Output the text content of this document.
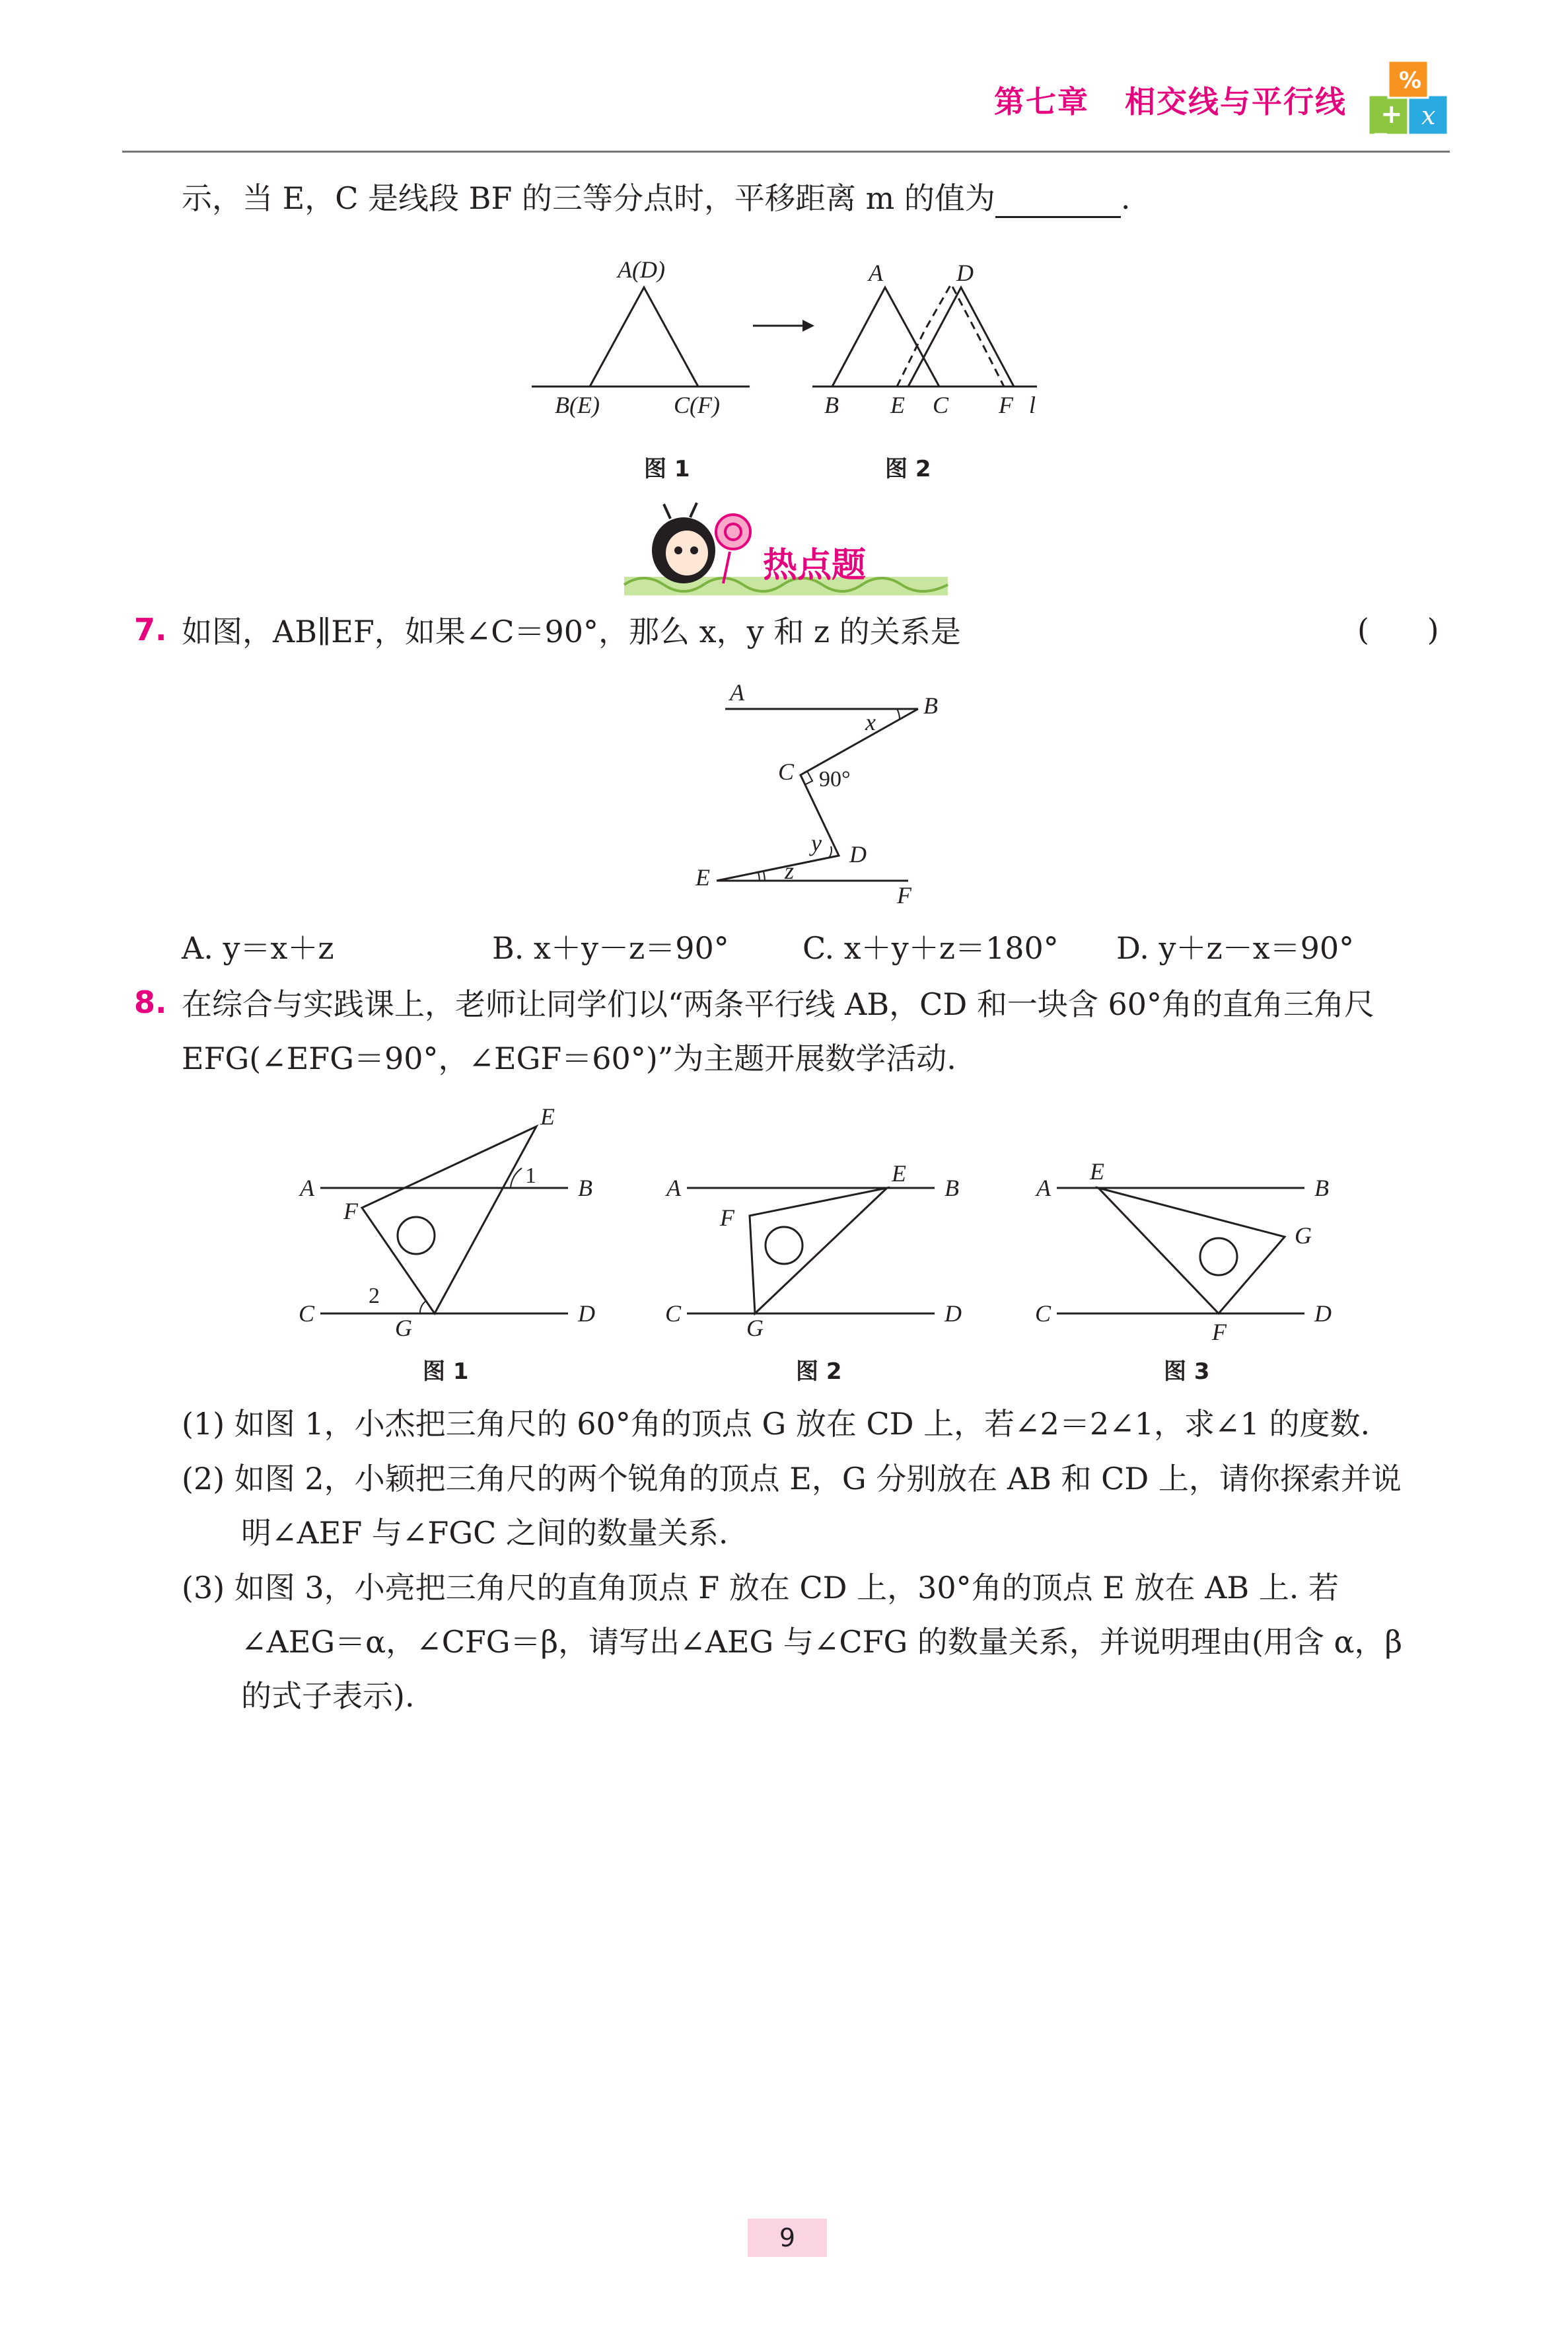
第七章 相交线与平行线 +
%
−
x
示，当 E，C 是线段 BF 的三等分点时，平移距离 m 的值为	.
A(D)
B(E)	C(F)
A	D
B E C F l
图 1	图 2
热点题
7. 如图，AB∥EF，如果∠C＝90°，那么 x，y 和 z 的关系是	(      )
A	B
x
C 90°
y D
E	z
F
A. y＝x＋z	B. x＋y－z＝90° C. x＋y＋z＝180° D. y＋z－x＝90°
8. 在综合与实践课上，老师让同学们以“两条平行线 AB，CD 和一块含 60°角的直角三角尺
EFG(∠EFG＝90°，∠EGF＝60°)”为主题开展数学活动.
E
A	1 B
F
2
C
G
D
图 1
A
E
B
F
C
G
D
图 2
A
E
B
G
C
F
D
图 3
(1) 如图 1，小杰把三角尺的 60°角的顶点 G 放在 CD 上，若∠2＝2∠1，求∠1 的度数.
(2) 如图 2，小颖把三角尺的两个锐角的顶点 E，G 分别放在 AB 和 CD 上，请你探索并说
明∠AEF 与∠FGC 之间的数量关系.
(3) 如图 3，小亮把三角尺的直角顶点 F 放在 CD 上，30°角的顶点 E 放在 AB 上. 若
∠AEG＝α，∠CFG＝β，请写出∠AEG 与∠CFG 的数量关系，并说明理由(用含 α，β
的式子表示).
9
